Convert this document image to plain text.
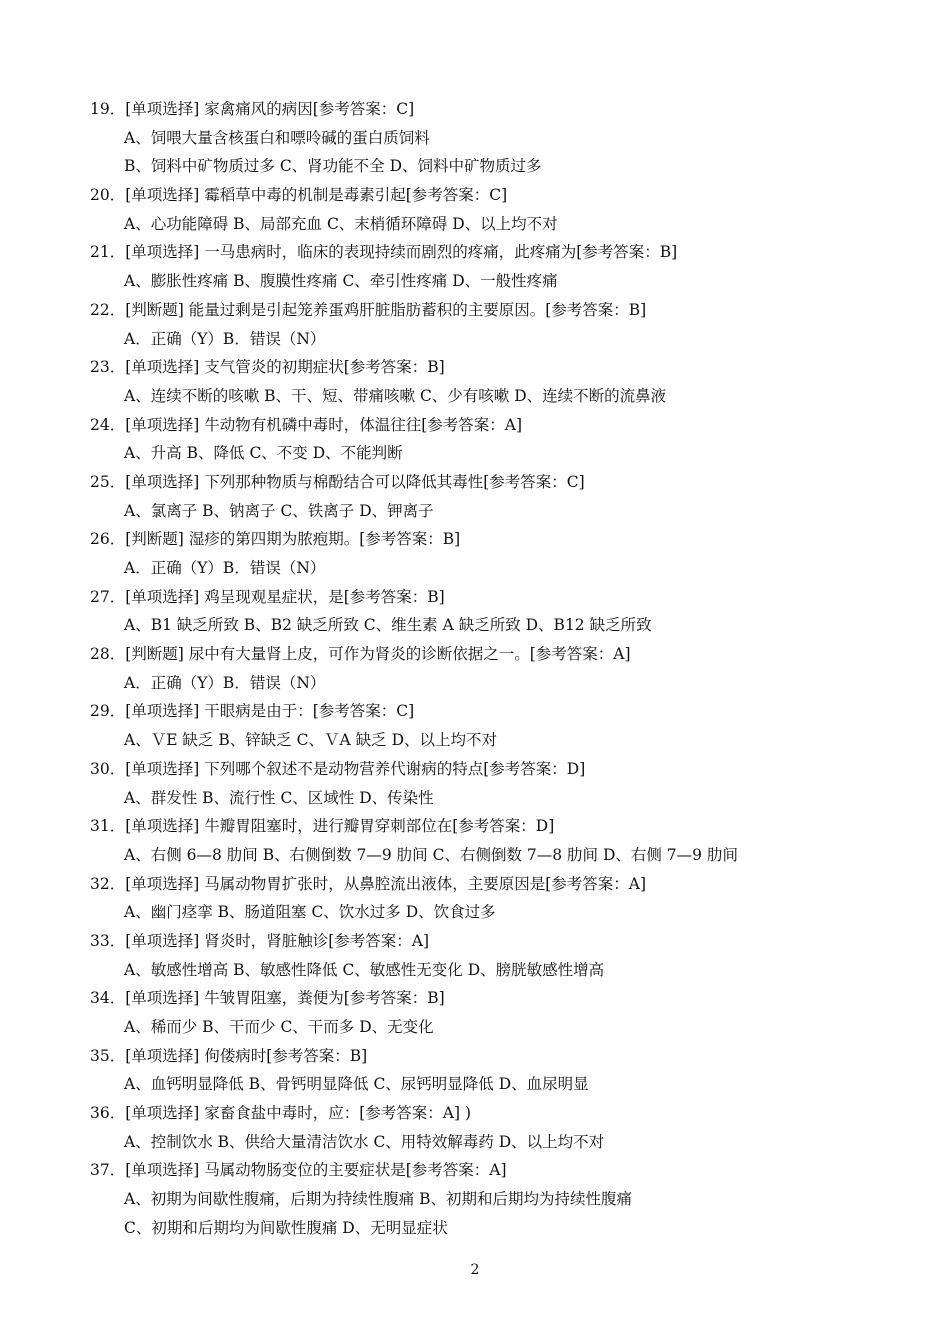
19．[单项选择] 家禽痛风的病因[参考答案：C]
A、饲喂大量含核蛋白和嘌呤碱的蛋白质饲料
B、饲料中矿物质过多 C、肾功能不全 D、饲料中矿物质过多
20．[单项选择] 霉稻草中毒的机制是毒素引起[参考答案：C]
A、心功能障碍 B、局部充血 C、末梢循环障碍 D、以上均不对
21．[单项选择] 一马患病时，临床的表现持续而剧烈的疼痛，此疼痛为[参考答案：B]
A、膨胀性疼痛 B、腹膜性疼痛 C、牵引性疼痛 D、一般性疼痛
22．[判断题] 能量过剩是引起笼养蛋鸡肝脏脂肪蓄积的主要原因。[参考答案：B]
A．正确（Y）B．错误（N）
23．[单项选择] 支气管炎的初期症状[参考答案：B]
A、连续不断的咳嗽 B、干、短、带痛咳嗽 C、少有咳嗽 D、连续不断的流鼻液
24．[单项选择] 牛动物有机磷中毒时，体温往往[参考答案：A]
A、升高 B、降低 C、不变 D、不能判断
25．[单项选择] 下列那种物质与棉酚结合可以降低其毒性[参考答案：C]
A、氯离子 B、钠离子 C、铁离子 D、钾离子
26．[判断题] 湿疹的第四期为脓疱期。[参考答案：B]
A．正确（Y）B．错误（N）
27．[单项选择] 鸡呈现观星症状，是[参考答案：B]
A、B1 缺乏所致 B、B2 缺乏所致 C、维生素 A 缺乏所致 D、B12 缺乏所致
28．[判断题] 尿中有大量肾上皮，可作为肾炎的诊断依据之一。[参考答案：A]
A．正确（Y）B．错误（N）
29．[单项选择] 干眼病是由于：[参考答案：C]
A、ＶE 缺乏 B、锌缺乏 C、ＶA 缺乏 D、以上均不对
30．[单项选择] 下列哪个叙述不是动物营养代谢病的特点[参考答案：D]
A、群发性 B、流行性 C、区域性 D、传染性
31．[单项选择] 牛瓣胃阻塞时，进行瓣胃穿刺部位在[参考答案：D]
A、右侧 6—8 肋间 B、右侧倒数 7—9 肋间 C、右侧倒数 7—8 肋间 D、右侧 7—9 肋间
32．[单项选择] 马属动物胃扩张时，从鼻腔流出液体，主要原因是[参考答案：A]
A、幽门痉挛 B、肠道阻塞 C、饮水过多 D、饮食过多
33．[单项选择] 肾炎时，肾脏触诊[参考答案：A]
A、敏感性增高 B、敏感性降低 C、敏感性无变化 D、膀胱敏感性增高
34．[单项选择] 牛皱胃阻塞，粪便为[参考答案：B]
A、稀而少 B、干而少 C、干而多 D、无变化
35．[单项选择] 佝偻病时[参考答案：B]
A、血钙明显降低 B、骨钙明显降低 C、尿钙明显降低 D、血尿明显
36．[单项选择] 家畜食盐中毒时，应：[参考答案：A] )
A、控制饮水 B、供给大量清洁饮水 C、用特效解毒药 D、以上均不对
37．[单项选择] 马属动物肠变位的主要症状是[参考答案：A]
A、初期为间歇性腹痛，后期为持续性腹痛 B、初期和后期均为持续性腹痛
C、初期和后期均为间歇性腹痛 D、无明显症状
2
